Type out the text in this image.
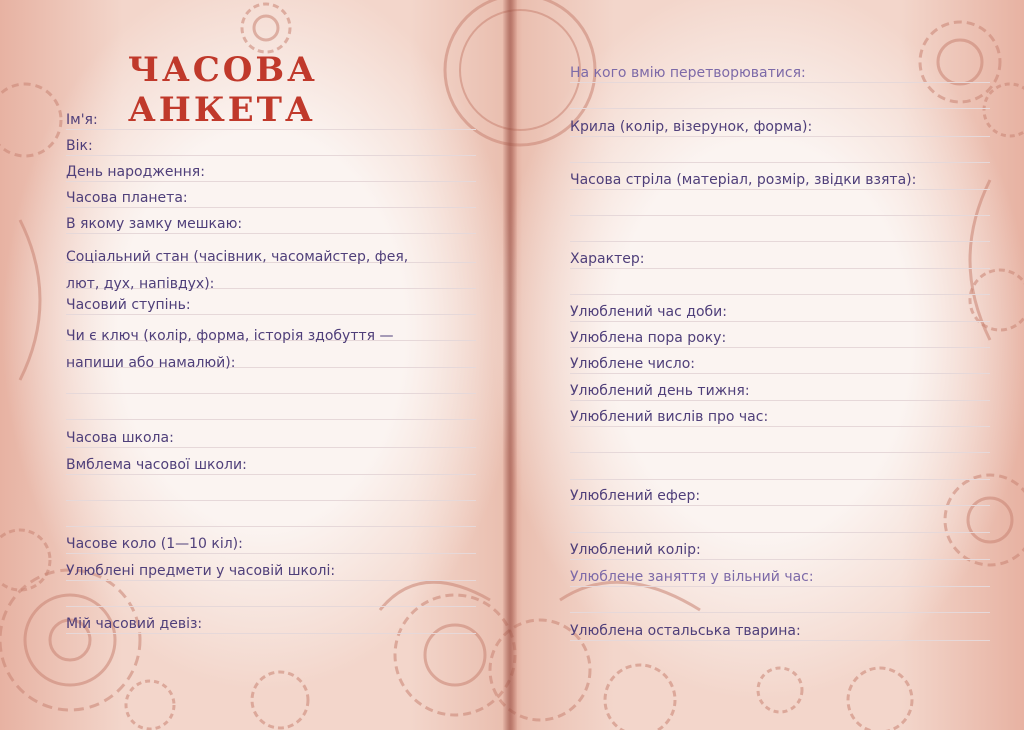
ЧАСОВА АНКЕТА

Ім'я:

Вік:

День народження:

Часова планета:

В якому замку мешкаю:

Соціальний стан (часівник, часомайстер, фея, лют, дух, напівдух):

Часовий ступінь:

Чи є ключ (колір, форма, історія здобуття — напиши або намалюй):

Часова школа:

Вмблема часової школи:

Часове коло (1—10 кіл):

Улюблені предмети у часовій школі:

Мій часовий девіз:

На кого вмію перетворюватися:

Крила (колір, візерунок, форма):

Часова стріла (матеріал, розмір, звідки взята):

Характер:

Улюблений час доби:

Улюблена пора року:

Улюблене число:

Улюблений день тижня:

Улюблений вислів про час:

Улюблений ефер:

Улюблений колір:

Улюблене заняття у вільний час:

Улюблена остальська тварина:
